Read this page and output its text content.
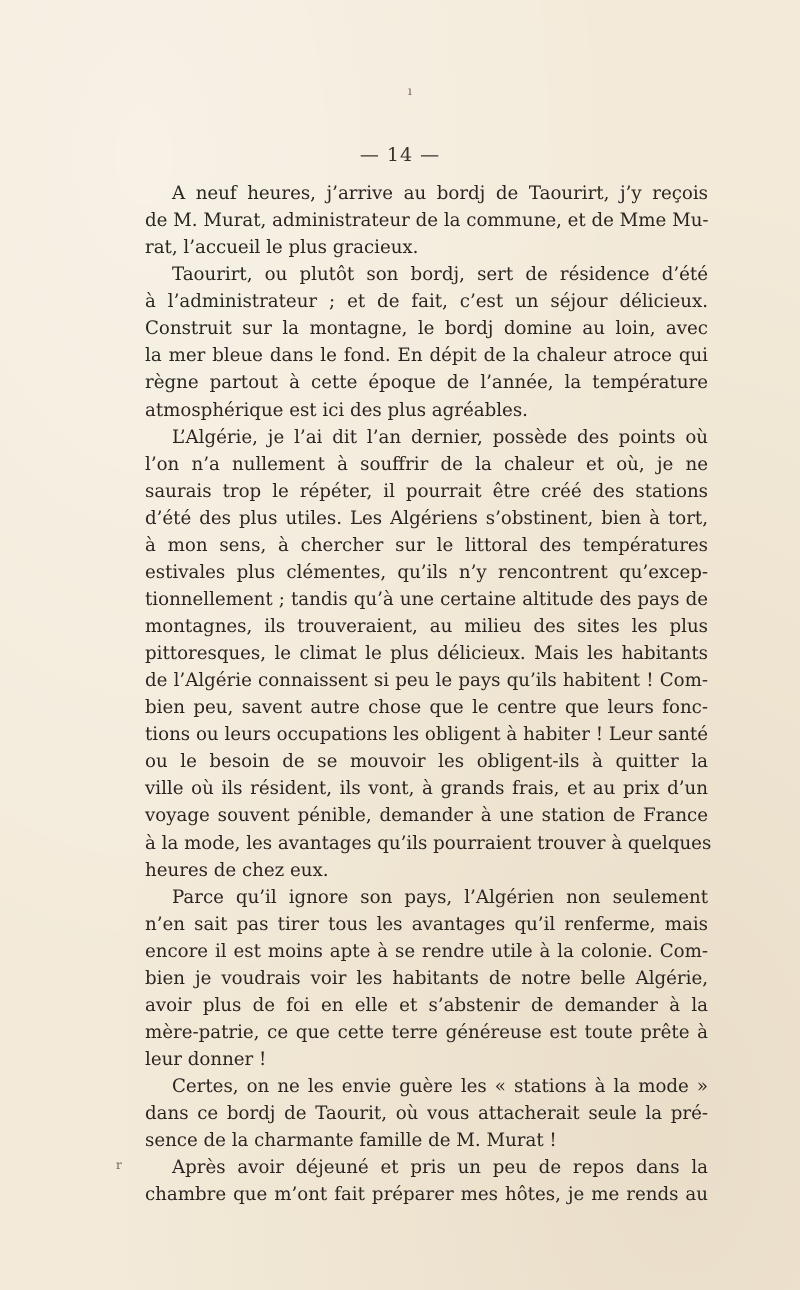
— 14 —
ı
r
A neuf heures, j’arrive au bordj de Taourirt, j’y reçois
de M. Murat, administrateur de la commune, et de Mme Mu-
rat, l’accueil le plus gracieux.
Taourirt, ou plutôt son bordj, sert de résidence d’été
à l’administrateur ; et de fait, c’est un séjour délicieux.
Construit sur la montagne, le bordj domine au loin, avec
la mer bleue dans le fond. En dépit de la chaleur atroce qui
règne partout à cette époque de l’année, la température
atmosphérique est ici des plus agréables.
L’Algérie, je l’ai dit l’an dernier, possède des points où
l’on n’a nullement à souffrir de la chaleur et où, je ne
saurais trop le répéter, il pourrait être créé des stations
d’été des plus utiles. Les Algériens s’obstinent, bien à tort,
à mon sens, à chercher sur le littoral des températures
estivales plus clémentes, qu’ils n’y rencontrent qu’excep-
tionnellement ; tandis qu’à une certaine altitude des pays de
montagnes, ils trouveraient, au milieu des sites les plus
pittoresques, le climat le plus délicieux. Mais les habitants
de l’Algérie connaissent si peu le pays qu’ils habitent ! Com-
bien peu, savent autre chose que le centre que leurs fonc-
tions ou leurs occupations les obligent à habiter ! Leur santé
ou le besoin de se mouvoir les obligent-ils à quitter la
ville où ils résident, ils vont, à grands frais, et au prix d’un
voyage souvent pénible, demander à une station de France
à la mode, les avantages qu’ils pourraient trouver à quelques
heures de chez eux.
Parce qu’il ignore son pays, l’Algérien non seulement
n’en sait pas tirer tous les avantages qu’il renferme, mais
encore il est moins apte à se rendre utile à la colonie. Com-
bien je voudrais voir les habitants de notre belle Algérie,
avoir plus de foi en elle et s’abstenir de demander à la
mère-patrie, ce que cette terre généreuse est toute prête à
leur donner !
Certes, on ne les envie guère les « stations à la mode »
dans ce bordj de Taourit, où vous attacherait seule la pré-
sence de la charmante famille de M. Murat !
Après avoir déjeuné et pris un peu de repos dans la
chambre que m’ont fait préparer mes hôtes, je me rends au
